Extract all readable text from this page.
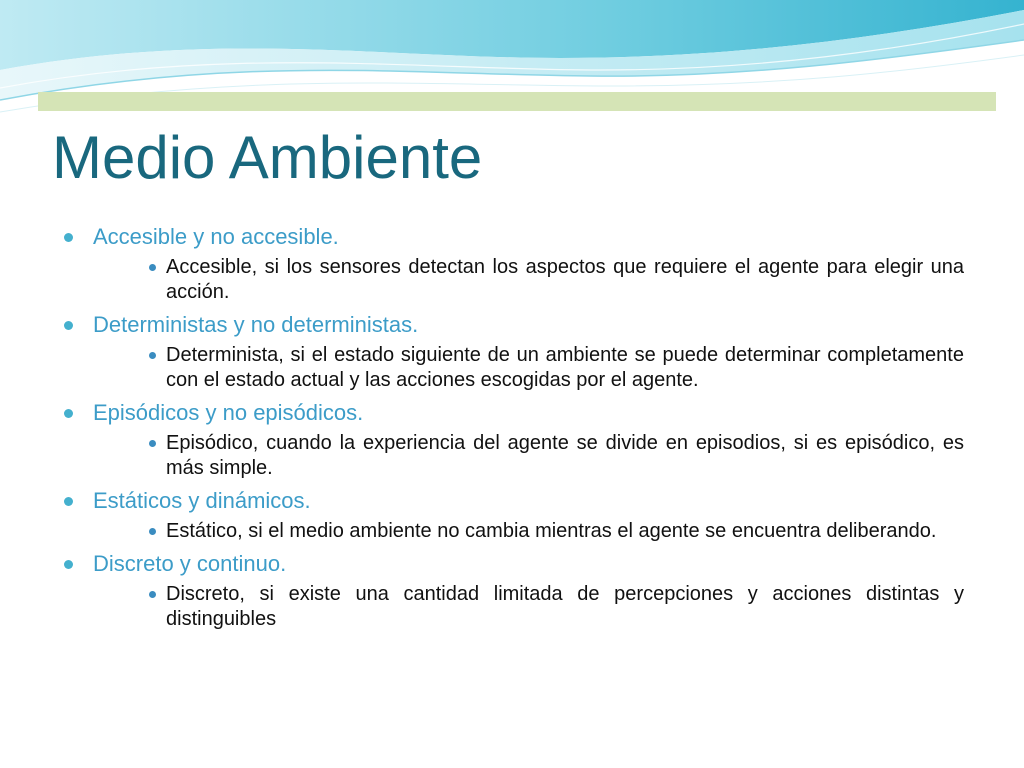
Medio Ambiente
Accesible y no accesible.
Accesible, si los sensores detectan los aspectos que requiere el agente para elegir una acción.
Deterministas y no deterministas.
Determinista, si el estado siguiente de un ambiente se puede determinar completamente con el estado actual y las acciones escogidas por el agente.
Episódicos y no episódicos.
Episódico, cuando la experiencia del agente se divide en episodios, si es episódico, es más simple.
Estáticos y dinámicos.
Estático, si el medio ambiente no cambia mientras el agente se encuentra deliberando.
Discreto y continuo.
Discreto, si existe una cantidad limitada de percepciones y acciones distintas y distinguibles
